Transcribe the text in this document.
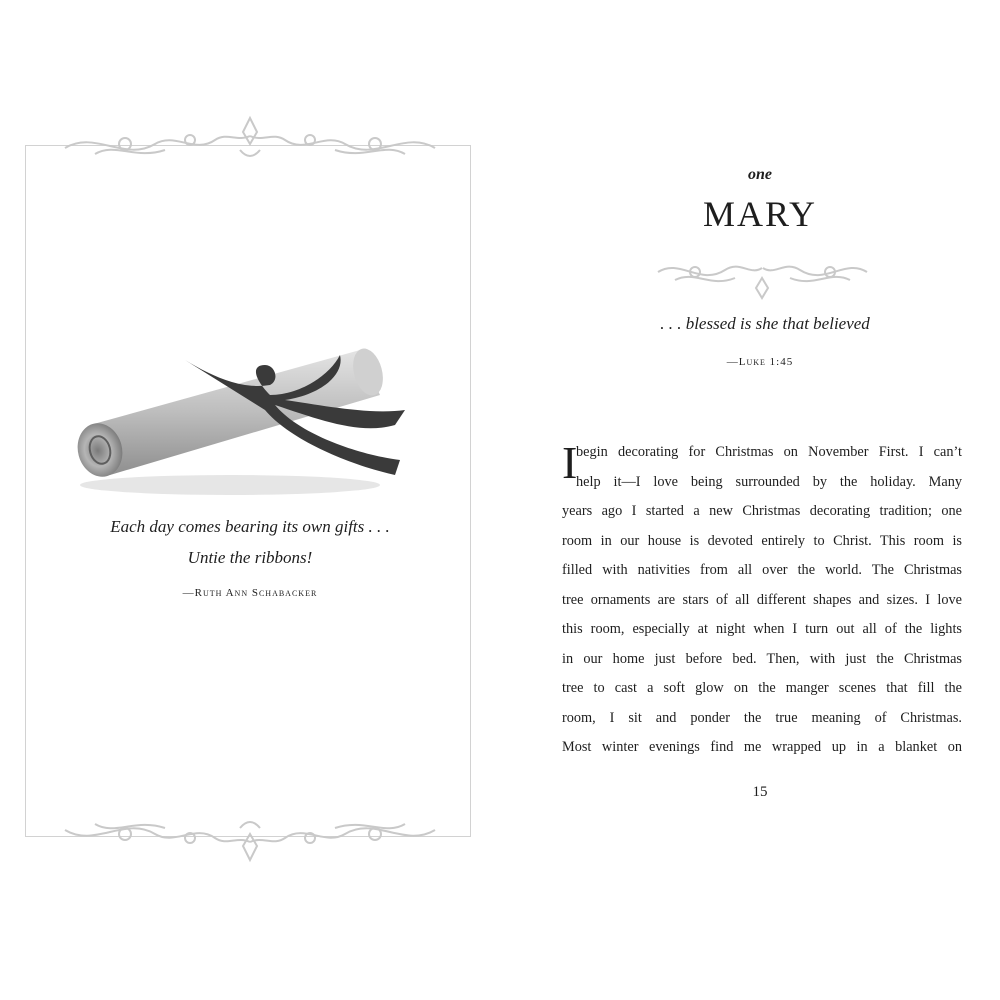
Each day comes bearing its own gifts . . .
Untie the ribbons!
—Ruth Ann Schabacker
one
MARY
. . . blessed is she that believed
—Luke 1:45
I
begin decorating for Christmas on November First. I can’t
help it—I love being surrounded by the holiday. Many
years ago I started a new Christmas decorating tradition; one
room in our house is devoted entirely to Christ. This room is
filled with nativities from all over the world. The Christmas
tree ornaments are stars of all different shapes and sizes. I love
this room, especially at night when I turn out all of the lights
in our home just before bed. Then, with just the Christmas
tree to cast a soft glow on the manger scenes that fill the
room, I sit and ponder the true meaning of Christmas.
Most winter evenings find me wrapped up in a blanket on
15
